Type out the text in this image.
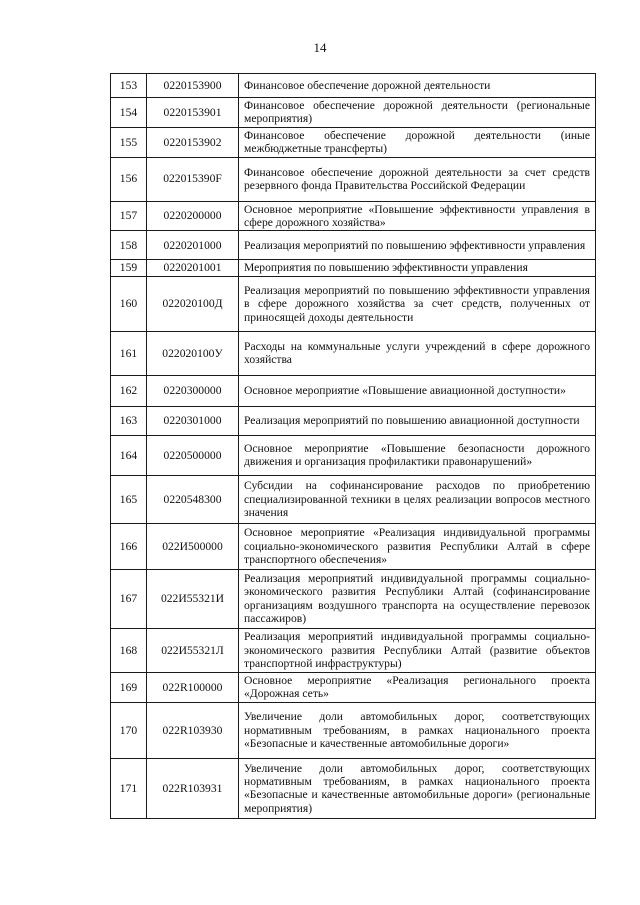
14
153	0220153900	Финансовое обеспечение дорожной деятельности
154	0220153901	Финансовое обеспечение дорожной деятельности (региональные мероприятия)
155	0220153902	Финансовое обеспечение дорожной деятельности (иные межбюджетные трансферты)
156	022015390F	Финансовое обеспечение дорожной деятельности за счет средств резервного фонда Правительства Российской Федерации
157	0220200000	Основное мероприятие «Повышение эффективности управления в сфере дорожного хозяйства»
158	0220201000	Реализация мероприятий по повышению эффективности управления
159	0220201001	Мероприятия по повышению эффективности управления
160	022020100Д	Реализация мероприятий по повышению эффективности управления в сфере дорожного хозяйства за счет средств, полученных от приносящей доходы деятельности
161	022020100У	Расходы на коммунальные услуги учреждений в сфере дорожного хозяйства
162	0220300000	Основное мероприятие «Повышение авиационной доступности»
163	0220301000	Реализация мероприятий по повышению авиационной доступности
164	0220500000	Основное мероприятие «Повышение безопасности дорожного движения и организация профилактики правонарушений»
165	0220548300	Субсидии на софинансирование расходов по приобретению специализированной техники в целях реализации вопросов местного значения
166	022И500000	Основное мероприятие «Реализация индивидуальной программы социально-экономического развития Республики Алтай в сфере транспортного обеспечения»
167	022И55321И	Реализация мероприятий индивидуальной программы социально-экономического развития Республики Алтай (софинансирование организациям воздушного транспорта на осуществление перевозок пассажиров)
168	022И55321Л	Реализация мероприятий индивидуальной программы социально-экономического развития Республики Алтай (развитие объектов транспортной инфраструктуры)
169	022R100000	Основное мероприятие «Реализация регионального проекта «Дорожная сеть»
170	022R103930	Увеличение доли автомобильных дорог, соответствующих нормативным требованиям, в рамках национального проекта «Безопасные и качественные автомобильные дороги»
171	022R103931	Увеличение доли автомобильных дорог, соответствующих нормативным требованиям, в рамках национального проекта «Безопасные и качественные автомобильные дороги» (региональные мероприятия)
